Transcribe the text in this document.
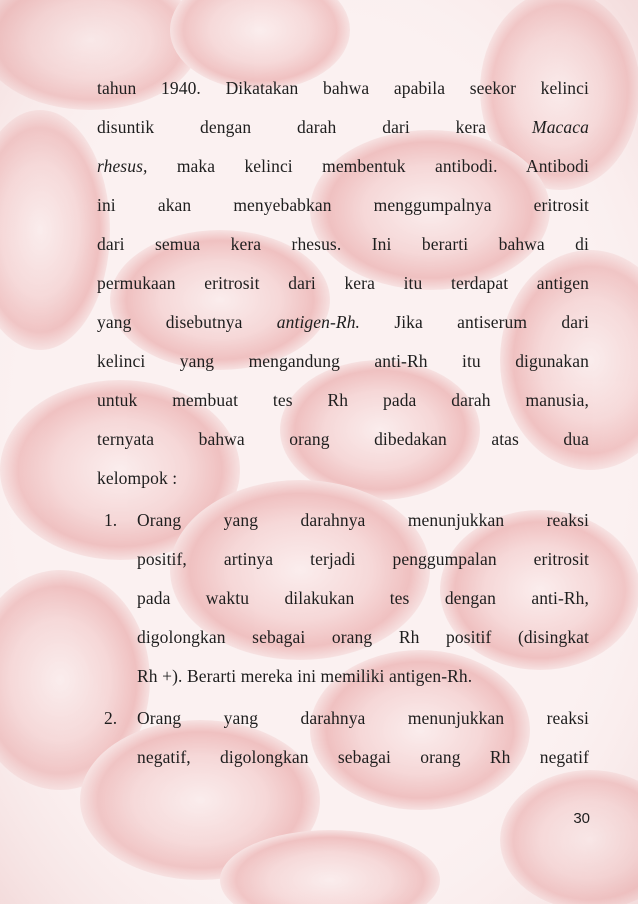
tahun 1940. Dikatakan bahwa apabila seekor kelinci
disuntik dengan darah dari kera	Macaca
rhesus, maka kelinci membentuk antibodi. Antibodi
ini akan menyebabkan menggumpalnya eritrosit
dari semua kera rhesus. Ini berarti bahwa di
permukaan eritrosit dari kera itu terdapat antigen
yang disebutnya antigen-Rh. Jika antiserum dari
kelinci yang mengandung anti-Rh itu digunakan
untuk membuat tes Rh pada darah manusia,
ternyata bahwa orang dibedakan atas dua
kelompok :
1.	Orang yang darahnya menunjukkan reaksi
positif, artinya terjadi penggumpalan eritrosit
pada waktu dilakukan tes dengan anti-Rh,
digolongkan sebagai orang Rh positif (disingkat
Rh +). Berarti mereka ini memiliki antigen-Rh.
2.	Orang yang darahnya menunjukkan reaksi
negatif, digolongkan sebagai orang Rh negatif
30
